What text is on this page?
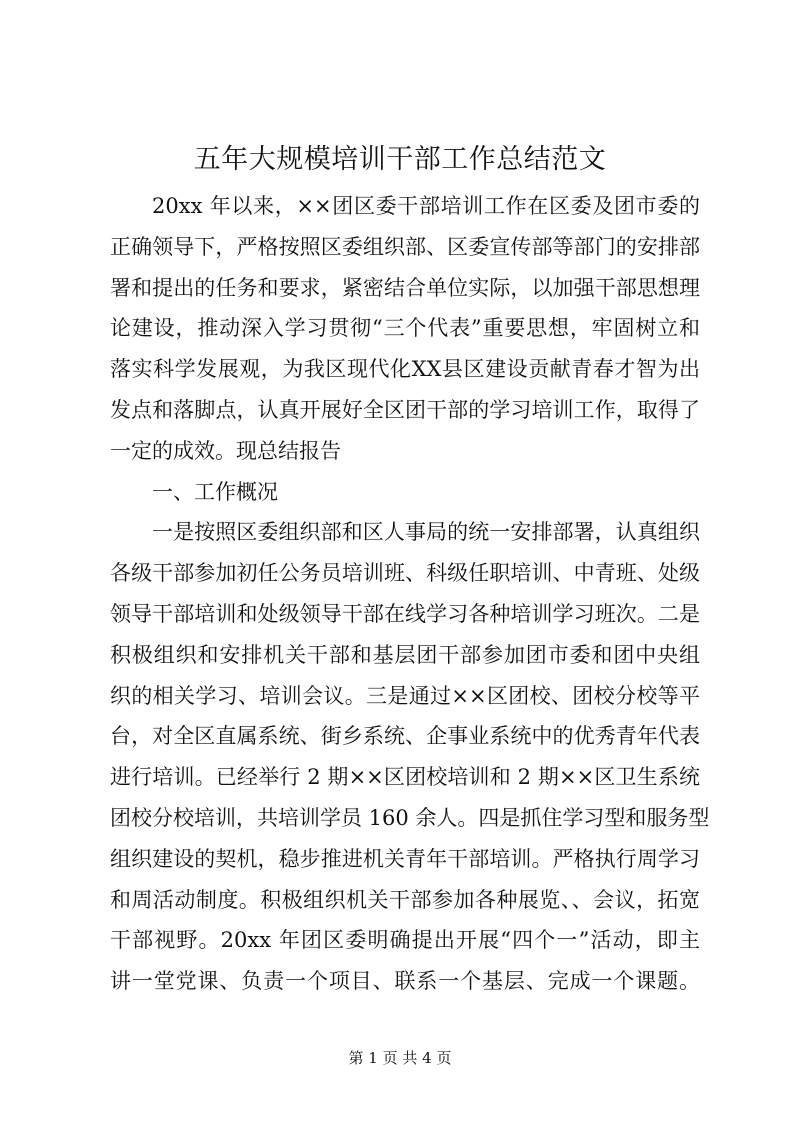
五年大规模培训干部工作总结范文
20xx 年以来，××团区委干部培训工作在区委及团市委的
正确领导下，严格按照区委组织部、区委宣传部等部门的安排部
署和提出的任务和要求，紧密结合单位实际，以加强干部思想理
论建设，推动深入学习贯彻“三个代表”重要思想，牢固树立和
落实科学发展观，为我区现代化XX县区建设贡献青春才智为出
发点和落脚点，认真开展好全区团干部的学习培训工作，取得了
一定的成效。现总结报告
一、工作概况
一是按照区委组织部和区人事局的统一安排部署，认真组织
各级干部参加初任公务员培训班、科级任职培训、中青班、处级
领导干部培训和处级领导干部在线学习各种培训学习班次。二是
积极组织和安排机关干部和基层团干部参加团市委和团中央组
织的相关学习、培训会议。三是通过××区团校、团校分校等平
台，对全区直属系统、街乡系统、企事业系统中的优秀青年代表
进行培训。已经举行 2 期××区团校培训和 2 期××区卫生系统
团校分校培训，共培训学员 160 余人。四是抓住学习型和服务型
组织建设的契机，稳步推进机关青年干部培训。严格执行周学习
和周活动制度。积极组织机关干部参加各种展览、、会议，拓宽
干部视野。20xx 年团区委明确提出开展“四个一”活动，即主
讲一堂党课、负责一个项目、联系一个基层、完成一个课题。
第 1 页 共 4 页
